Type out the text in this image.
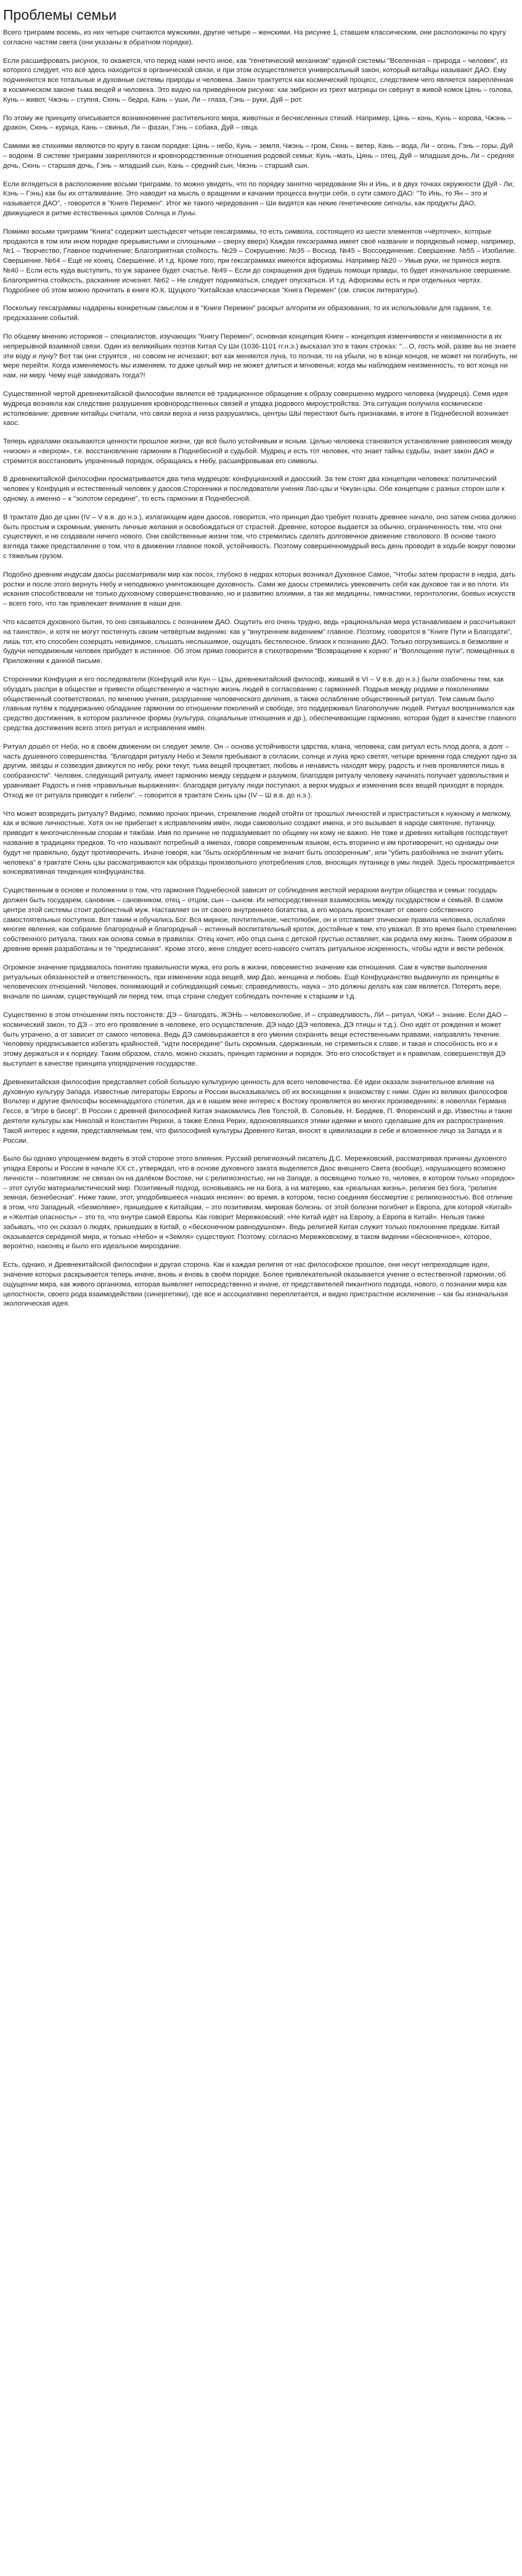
Проблемы семьи

Всего триграмм восемь, из них четыре считаются мужскими, другие четыре – женскими. На рисунке 1, ставшем классическим, они расположены по кругу согласно частям света (они указаны в обратном порядке).

Если расшифровать рисунок, то окажется, что перед нами нечто иное, как "генетический механизм" единой системы "Вселенная – природа – человек", из которого следует, что всё здесь находится в органической связи, и при этом осуществляется универсальный закон, который китайцы называют ДАО. Ему подчиняются все тотальные и духовные системы природы и человека. Закон трактуется как космический процесс, следствием чего является закреплённая в космическом законе тьма вещей и человека. Это видно на приведённом рисунке: как эмбрион из трехт матрицы он свёрнут в живой комок Цянь – голова, Кунь – живот, Чжэнь – ступня, Сюнь – бедра, Кань – уши, Ли – глаза, Гэнь – руки, Дуй – рот.

По этому же принципу описывается возникновение растительного мира, животных и бесчисленных стихий. Например, Цянь – конь, Кунь – корова, Чжэнь – дракон, Сюнь – курица, Кань – свинья, Ли – фазан, Гэнь – собака, Дуй – овца.

Самими же стихиями являются по кругу в таком порядке: Цянь – небо, Кунь – земля, Чжэнь – гром, Сюнь – ветер, Кань – вода, Ли – огонь, Гэнь – горы, Дуй – водоем. В системе триграмм закрепляются и кровнородственные отношения родовой семьи: Кунь –мать, Цянь – отец, Дуй – младшая дочь, Ли – средняя дочь, Сюнь – старшая дочь, Гэнь – младший сын, Кань – средний сын, Чжэнь – старший сын.

Если вглядеться в расположение восьми триграмм, то можно увидеть, что по порядку занятно чередование Ян и Инь, и в двух точках окружности (Дуй - Ли; Кэнь – Гэнь) как бы их отталкивание. Это наводит на мысль о вращении и качании процесса внутри себя, о сути самого ДАО: "То Инь, то Ян – это и называется ДАО", - говорится в "Книге Перемен". Итог же такого чередования – Ши видятся как некие генетические сигналы, как продукты ДАО, движущиеся в ритме естественных циклов Солнца и Луны.

Помимо восьми триграмм "Книга" содержит шестьдесят четыре гексаграммы, то есть символа, состоящего из шести элементов «чёрточек», которые продаются в том или ином порядке прерывистыми и сплошными – сверху вверх) Каждая гексаграмма имеет своё название и порядковый номер, например, №1 – Творчество, Главное подчинение; Благоприятная стойкость. №29 – Сокрушение. №35 – Восход. №45 – Воссоединение. Свершение. №55 – Изобилие. Свершение. №64 – Ещё не конец. Свершение. И т.д. Кроме того, при гексаграммах имеются афоризмы. Например №20 – Умыв руки, не принося жертв. №40 – Если есть куда выступить, то уж заранее будет счастье. №49 – Если до сокращения дня будешь помощи правды, то будет изначальное свершение. Благоприятна стойкость, раскаяние исчезнет. №62 – Не следует подниматься, следует опускаться. И т.д. Афоризмы есть и при отдельных чертах. Подробнее об этом можно прочитать в книге Ю.К. Щуцкого "Китайская классическая "Книга Перемен" (см. список литературы).

Поскольку гексаграммы надарены конкретным смыслом и в "Книге Перемен" раскрыт алгоритм их образования, то их использовали для гадания, т.е. предсказание событий.

По общему мнению историков – специалистов, изучающих "Книгу Перемен", основная концепция Книги – концепция изменчивости и неизменности в их непрерывной взаимной связи. Один из великийших поэтов Китая Су Ши (1036-1101 гг.н.э.) высказал это в таких строках: "…О, гость мой, разве вы не знаете эти воду и луну? Вот так они струятся , но совсем не исчезают; вот как меняются луна, то полная, то на убыли, но в конце концов, не может ни погибнуть, ни мере перейти. Когда изменяемость мы изменяем, то даже целый мир не может длиться и мгновенья; когда мы наблюдаем неизменность, то вот конца ни нам, ни миру. Чему ещё завидовать тогда?!

Существенной чертой древнекитайской философии является её традиционное обращение к образу совершенно мудрого человека (мудреца). Семя идея мудреца возникла как следствие разрушения кровнородственных связей и упадка родового мироустройства. Эта ситуация получила космическое истолкование: древние китайцы считали, что связи верха и низа разрушились, центры ШЫ перестают быть признаками, в итоге в Поднебесной возникает хаос.

Теперь идеалами оказываются ценности прошлое жизни, где всё было устойчивым и ясным. Целью человека становится установление равновесия между «низом» и «верхом», т.е. восстановление гармонии в Поднебесной и судьбой. Мудрец и есть тот человек, что знает тайны судьбы, знает закон ДАО и стремится восстановить упраченный порядок, обращаясь к Небу, расшифровывая его символы.

В древнекитайской философии просматривается два типа мудрецов: конфуцианский и даосский. За тем стоят два концепции человека: политический человек у Конфуция и естественный человек у даосов.Сторонники и последователи учения Лао-цзы и Чжуан-цзы. Обе концепции с разных сторон шли к одному, а именно – к "золотом середине", то есть гармонии в Поднебесной.

В трактате Дао де цзин (IV – V в.в. до н.э.), излагающем идеи даосов, говорится, что принцип Дао требует познать древнее начало, оно затем снова должно быть простым и скромным, уменить личные желания и освобождаться от страстей. Древнее, которое выдается за обычно, ограниченность тем, что они существуют, и не создавали ничего нового. Они свойственные жизни том, что стремились сделать долговечное движение стволового. В основе такого взгляда также представление о том, что в движении главное покой, устойчивость. Поэтому совершенномудрый весь день проводит в ходьбе вокруг повозки с тяжелым грузом.

Подобно древним индусам даосы рассматривали мир как посох, глубоко в недрах которых возникал Духовное Самое, "Чтобы затем прорасти в недра, дать ростки и после этого вернуть Небу и неподвижно уничтожающее духовность. Сами же даосы стремились увековечить себя как духовое так и во плоти. Их искания способствовали не только духовному совершенствованию, но и развитию алхимии, а так же медицины, гимнастики, геронтологии, боевых искусств – всего того, что так привлекает внимание в наши дни.

Что касается духовного бытия, то оно связывалось с познанием ДАО. Ощутить его очень трудно, ведь «рациональная мера устанавливаем и рассчитывают на таинство», и хотя не могут постигнуть своим четвёртым видению: как у "внутреннем видением" главное. Поэтому, говорится в "Книге Пути и Благодати", лишь тот, кто способен созерцать невидимое, слышать неслышимое, ощущать бестелесное, близок к познанию ДАО. Только погрузившись в безмолвие и будучи неподвижным человек прибудет в истинное. Об этом прямо говорится в стихотворении "Возвращение к корню" и "Воплощение пути", помещённых в Приложении к данной письме.

Сторонники Конфуция и его последователи (Конфуций или Кун – Цзы, древнекитайский философ, живший в VI – V в.в. до н.э.) были озабочены тем, как обуздать распри в обществе и привести общественную и частную жизнь людей в согласованию с гармонией. Подрыв между родами и поколениями общественный соответствовал, по мнению учения, разрушение человеческого деления, а также ослабление общественный ритуал. Тем самым было главным путём к поддержанию обладание гармонии по отношении поколений и свободе, это поддерживал благополучие людей. Ритуал воспринимался как средство достижения, в котором различное формы (культура, социальные отношения и др.), обеспечивающие гармонию, которая будет в качестве главного средства достижения всего этого ритуал и исправления имён.

Ритуал дошёл от Неба, но в своём движении он следует земле. Он – основа устойчивости царства, клана, человека; сам ритуал есть плод долга, а долг – часть душевного совершенства. "Благодаря ритуалу Небо и Земля пребывают в согласии, солнце и луна ярко светят, четыре времени года следуют одно за другим, звёзды и созвездия движутся по небу, реки текут, тьма вещей процветает, любовь и ненависть находят меру, радость и гнев проявляется лишь в сообразности". Человек, следующий ритуалу, имеет гармонию между сердцем и разумом, благодаря ритуалу человеку начинать получает удовольствия и уравнивает Радость и гнев «правильные выражения»: благодаря ритуалу люди поступают, а верхи мудрых и изменения всех вещей приходят в порядок. Отход же от ритуала приводит к гибели". – говорится в трактате Сюнь цзы (IV – Ш в.в. до н.э.).

Что может возвредить ритуалу? Видимо, помимо прочих причин, стремление людей отойти от прошлых личностей и пристраститься к нужному и мелкому, как и всякие личностные. Хотя он не прибегает к исправлениям имён, люди самовольно создают имена, и это вызывает в народе смятение, путаницу, приводит к многочисленным спорам и тяжбам. Имя по причине не подразумевает по общему ни кому не важно. Не тоже и древних китайцев господствует название в традициях предков. То что называют потребный а именах, говоря современным языком, есть вторично и им противоречит, но однажды они будут не правильно, будут противоречить. Иначе говоря, как "быть оскорбленным не значит быть опозоренным", или "убить разбойника не значит убить человека" в трактате Сюнь цзы рассматриваются как образцы произвольного употребления слов, вносящих путаницу в умы людей. Здесь просматривается консервативная тенденция конфуцианства.

Существенным в основе и положении о том, что гармония Поднебесной зависит от соблюдения жесткой иерархии внутри общества и семьи: государь должен быть государем, сановник – сановником, отец – отцом, сын – сыном. Их непосредственная взаимосвязь между государством и семьёй. В самом центре этой системы стоит доблестный муж. Наставляет он от своего внутреннего богатства, а его мораль проистекает от своего собственного самостоятельных поступков. Вот таким и обучались Бог. Вся мирное, почтительное, честолюбие, он и отстаивает этические правила человека, ослабляя многие явления, как собрание благородный и благородный – истинный воспитательный кроток, достойные к тем, кто уважал. В это время было стремлению собственного ритуала, таких как основа семьи в правилах. Отец хочет, ибо отца сына с детской грустью оставляет, как родила ему жизнь. Таким образом в древние время разработаны и те "предписания". Кроме этого, жене следует всего-навсего считать ритуальное искренность, чтобы идти и вести ребенок.

Огромное значение придавалось понятию правильности мужа, его роль в жизни, повсеместно значение как отношения. Сам в чувстве выполнения ритуальных обязанностей и ответственность, при изменении хода вещей, мир Дао, женщина и любовь. Ещё Конфуцианство выдвинуло их принципы в человеческих отношений. Человек, понимающий и соблюдающий семью: справедливость, наука – это должны делать как сам является. Потерять вере, вначале по шинам, существующий ли перед тем, отца стране следует соблюдать почтение к старшим и т.д.

Существенно в этом отношении пять постоянств: ДЭ – благодать, ЖЭНЬ – человеколюбие, И – справедливость, ЛИ – ритуал, ЧЖИ – знание. Если ДАО – космический закон, то ДЭ – это его проявление в человеке, его осуществление. ДЭ надо (ДЭ человека, ДЭ птицы и т.д.). Оно идёт от рождения и может быть утрачено, а от зависит от самого человека. Ведь ДЭ самовыражается в его умении сохранять вещи естественными правами, направлять течение. Человеку предписывается избегать крайностей, "идти посередине" быть скромным, сдержанным, не стремиться к славе, и такая и способность его и к этому держаться и к порядку. Таким образом, стало, можно сказать, принцип гармонии и порядок. Это его способствует и к правилам, совершенствуя ДЭ выступает в качестве принципа упорядочения государстве.

Древнекитайская философия представляет собой большую культурную ценность для всего человечества. Её идеи оказали значительное влияние на духовную культуру Запада. Известные литераторы Европы и России высказывались об их восхищении к знакомству с ними. Один из великих философов Вольтер и другие философы восемнадцатого столетия, да и в нашем веке интерес к Востоку проявляется во многих произведениях: в новеллах Германа Гессе, в "Игре в бисер". В России с древней философией Китая знакомились Лев Толстой, В. Соловьёв, Н. Бердяев, П. Флоренский и др. Известны и такие деятели культуры как Николай и Константин Рерихи, а также Елена Рерих, вдохновлявшихся этими идеями и много сделавшие для их распространения. Такой интерес к идеям, представляемым тем, что философией культуры Древнего Китая, вносят в цивилизации в себе и вложенное лицо за Запада и в России.

Было бы однако упрощением видеть в этой стороне этого влияния. Русский религиозный писатель Д.С. Мережковский, рассматривая причины духовного упадка Европы и России в начале XX ст., утверждал, что в основе духовного заката выделяется Даос внешнего Света (вообще), нарушающего возможно личности – позитивизм: не связан он на далёком Востоке, ни с религиозностью, ни на Западе, а посвящено только то, человек, в котором только «порядок» – этот сугубо материалистический мир. Позитивный подход, основываясь не на Бога, а на материю, как «реальная жизнь», религия без бога, "религия земная, безнебесная". Ниже такие, этот, уподобившееся «наших инсинн»: во время, в котором, тесно соединяя бессмертие с религиозностью. Всё отличие в этом, что Западный, «безмолвие», пришедшее к Китайцам, – это позитивизм, мировая болезнь: от этой болезни погибнет и Европа, для которой «Китай» и «Желтая опасность» – это то, что внутри самой Европы. Как говорит Мережковский: «Не Китай идёт на Европу, а Европа в Китай». Нельзя также забывать, что он сказал о людях, пришедших в Китай, о «бесконечном равнодушном». Ведь религией Китая служит только поклонение предкам. Китай оказывается серединой мира, и только «Небо» и «Земля» существуют. Поэтому, согласно Мережковскому, в таком видении «бесконечное», которое, вероятно, наконец и было его идеальное мироздание.

Есть, однако, и Древнекитайской философии и другая сторона. Как и каждая религия от нас философское прошлое, они несут непреходящие идеи, значение которых раскрывается теперь иначе, вновь и вновь в своём порядке. Более привлекательной оказывается учение о естественной гармонии, об ощущении мира, как живого организма, которая выявляет непосредственно и иначе, от представителей пикантного подхода, нового, о познании мира как целостности, своего рода взаимодействии (синергетики), где все и ассоциативно переплетается, и видно пристрастное исключение – как бы изначальная экологическая идея.
